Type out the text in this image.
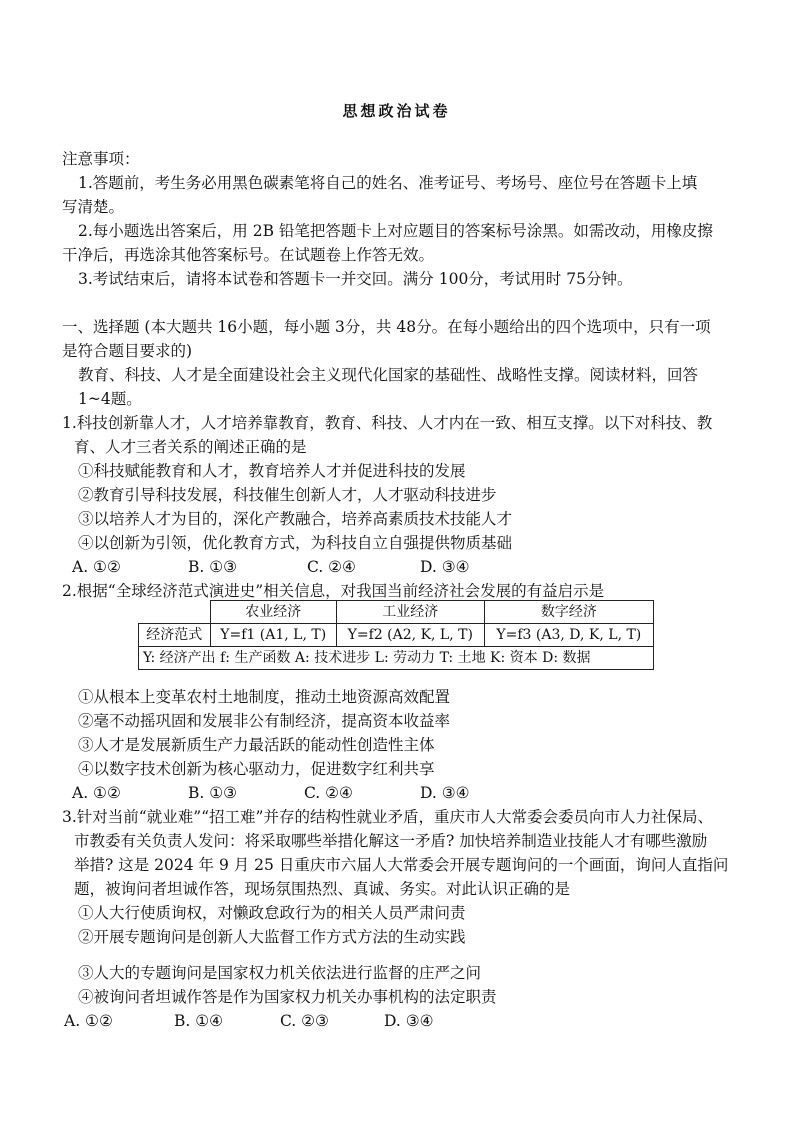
思想政治试卷
注意事项：
1.答题前，考生务必用黑色碳素笔将自己的姓名、准考证号、考场号、座位号在答题卡上填
写清楚。
2.每小题选出答案后，用 2B 铅笔把答题卡上对应题目的答案标号涂黑。如需改动，用橡皮擦
干净后，再选涂其他答案标号。在试题卷上作答无效。
3.考试结束后，请将本试卷和答题卡一并交回。满分 100分，考试用时 75分钟。
一、选择题 (本大题共 16小题，每小题 3分，共 48分。在每小题给出的四个选项中，只有一项
是符合题目要求的)
教育、科技、人才是全面建设社会主义现代化国家的基础性、战略性支撑。阅读材料，回答
1~4题。
1.科技创新靠人才，人才培养靠教育，教育、科技、人才内在一致、相互支撑。以下对科技、教
育、人才三者关系的阐述正确的是
①科技赋能教育和人才，教育培养人才并促进科技的发展
②教育引导科技发展，科技催生创新人才，人才驱动科技进步
③以培养人才为目的，深化产教融合，培养高素质技术技能人才
④以创新为引领，优化教育方式，为科技自立自强提供物质基础
A. ①②	B. ①③	C. ②④	D. ③④
2.根据“全球经济范式演进史”相关信息，对我国当前经济社会发展的有益启示是
	农业经济	工业经济	数字经济
经济范式	Y=f1 (A1, L, T)	Y=f2 (A2, K, L, T)	Y=f3 (A3, D, K, L, T)
Y: 经济产出 f: 生产函数 A: 技术进步 L: 劳动力 T: 土地 K: 资本 D: 数据			
①从根本上变革农村土地制度，推动土地资源高效配置
②毫不动摇巩固和发展非公有制经济，提高资本收益率
③人才是发展新质生产力最活跃的能动性创造性主体
④以数字技术创新为核心驱动力，促进数字红利共享
A. ①②	B. ①③	C. ②④	D. ③④
3.针对当前“就业难”“招工难”并存的结构性就业矛盾，重庆市人大常委会委员向市人力社保局、
市教委有关负责人发问：将采取哪些举措化解这一矛盾? 加快培养制造业技能人才有哪些激励
举措? 这是 2024 年 9 月 25 日重庆市六届人大常委会开展专题询问的一个画面，询问人直指问
题，被询问者坦诚作答，现场氛围热烈、真诚、务实。对此认识正确的是
①人大行使质询权，对懒政怠政行为的相关人员严肃问责
②开展专题询问是创新人大监督工作方式方法的生动实践
③人大的专题询问是国家权力机关依法进行监督的庄严之问
④被询问者坦诚作答是作为国家权力机关办事机构的法定职责
A. ①②	B. ①④	C. ②③	D. ③④
